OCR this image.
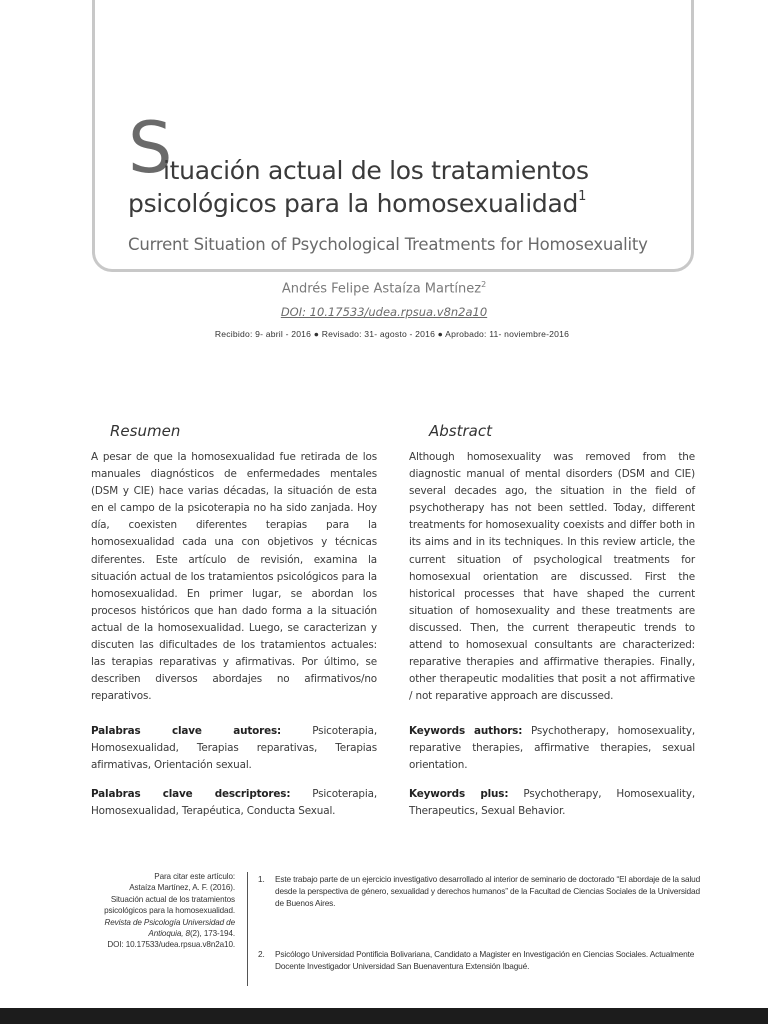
S
ituación actual de los tratamientos
psicológicos para la homosexualidad$^1$
Current Situation of Psychological Treatments for Homosexuality
Andrés Felipe Astaíza Martínez$^2$
DOI: 10.17533/udea.rpsua.v8n2a10
Recibido: 9- abril - 2016 ● Revisado: 31- agosto - 2016 ● Aprobado: 11- noviembre-2016
Resumen
A pesar de que la homosexualidad fue retirada de los manuales diagnósticos de enfermedades mentales (DSM y CIE) hace varias décadas, la situación de esta en el campo de la psicoterapia no ha sido zanjada. Hoy día, coexisten diferentes terapias para la homosexualidad cada una con objetivos y técnicas diferentes. Este artículo de revisión, examina la situación actual de los tratamientos psicológicos para la homosexualidad. En primer lugar, se abordan los procesos históricos que han dado forma a la situación actual de la homosexualidad. Luego, se caracterizan y discuten las dificultades de los tratamientos actuales: las terapias reparativas y afirmativas. Por último, se describen diversos abordajes no afirmativos/no reparativos.
Palabras clave autores: Psicoterapia, Homosexualidad, Terapias reparativas, Terapias afirmativas, Orientación sexual.
Palabras clave descriptores: Psicoterapia, Homosexualidad, Terapéutica, Conducta Sexual.
Abstract
Although homosexuality was removed from the diagnostic manual of mental disorders (DSM and CIE) several decades ago, the situation in the field of psychotherapy has not been settled. Today, different treatments for homosexuality coexists and differ both in its aims and in its techniques. In this review article, the current situation of psychological treatments for homosexual orientation are discussed. First the historical processes that have shaped the current situation of homosexuality and these treatments are discussed. Then, the current therapeutic trends to attend to homosexual consultants are characterized: reparative therapies and affirmative therapies. Finally, other therapeutic modalities that posit a not affirmative / not reparative approach are discussed.
Keywords authors: Psychotherapy, homosexuality, reparative therapies, affirmative therapies, sexual orientation.
Keywords plus: Psychotherapy, Homosexuality, Therapeutics, Sexual Behavior.
Para citar este artículo:
Astaíza Martínez, A. F. (2016).
Situación actual de los tratamientos psicológicos para la homosexualidad.
Revista de Psicología Universidad de Antioquia, 8(2), 173-194.
DOI: 10.17533/udea.rpsua.v8n2a10.
1.	Este trabajo parte de un ejercicio investigativo desarrollado al interior de seminario de doctorado “El abordaje de la salud desde la perspectiva de género, sexualidad y derechos humanos” de la Facultad de Ciencias Sociales de la Universidad de Buenos Aires.
2.	Psicólogo Universidad Pontificia Bolivariana, Candidato a Magister en Investigación en Ciencias Sociales. Actualmente Docente Investigador Universidad San Buenaventura Extensión Ibagué.
